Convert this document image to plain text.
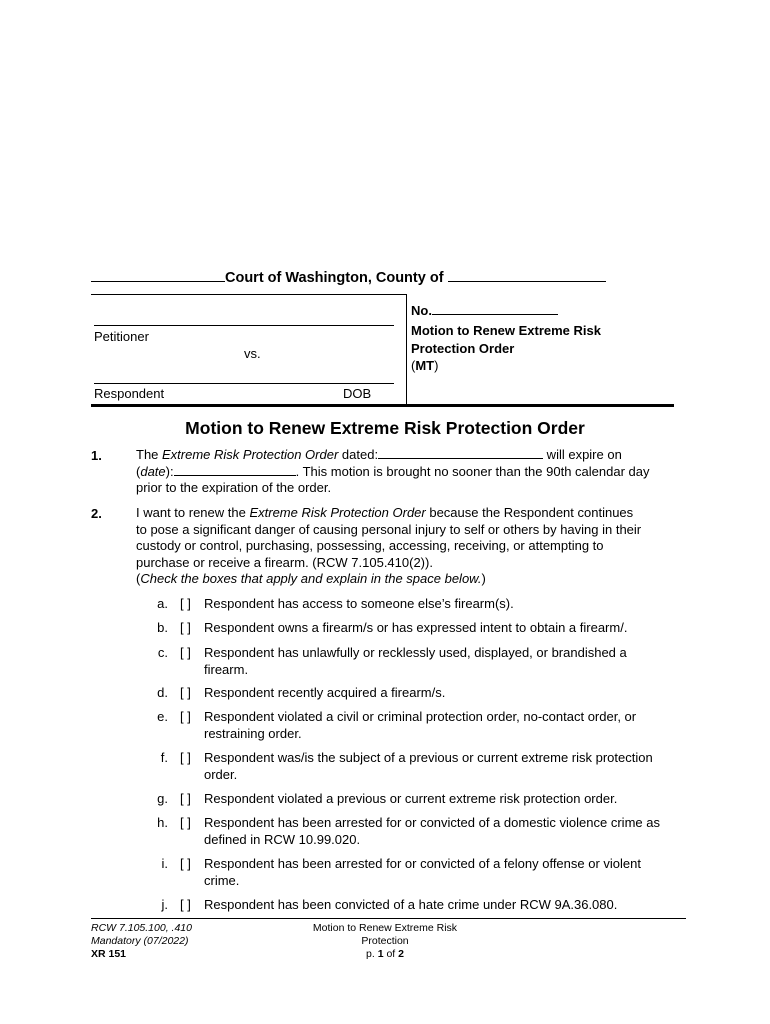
Court of Washington, County of
Petitioner
vs.
Respondent	DOB
No.
Motion to Renew Extreme Risk
Protection Order
(MT)
Motion to Renew Extreme Risk Protection Order
1.	The Extreme Risk Protection Order dated:	will expire on
(date):	. This motion is brought no sooner than the 90th calendar day
prior to the expiration of the order.
2.	I want to renew the Extreme Risk Protection Order because the Respondent continues
to pose a significant danger of causing personal injury to self or others by having in their
custody or control, purchasing, possessing, accessing, receiving, or attempting to
purchase or receive a firearm. (RCW 7.105.410(2)).
(Check the boxes that apply and explain in the space below.)
a. [ ] Respondent has access to someone else’s firearm(s).
b. [ ] Respondent owns a firearm/s or has expressed intent to obtain a firearm/.
c. [ ] Respondent has unlawfully or recklessly used, displayed, or brandished a firearm.
d. [ ] Respondent recently acquired a firearm/s.
e. [ ] Respondent violated a civil or criminal protection order, no-contact order, or restraining order.
f. [ ] Respondent was/is the subject of a previous or current extreme risk protection order.
g. [ ] Respondent violated a previous or current extreme risk protection order.
h. [ ] Respondent has been arrested for or convicted of a domestic violence crime as defined in RCW 10.99.020.
i. [ ] Respondent has been arrested for or convicted of a felony offense or violent crime.
j. [ ] Respondent has been convicted of a hate crime under RCW 9A.36.080.
RCW 7.105.100, .410
Mandatory (07/2022)
XR 151
Motion to Renew Extreme Risk
Protection
p. 1 of 2
